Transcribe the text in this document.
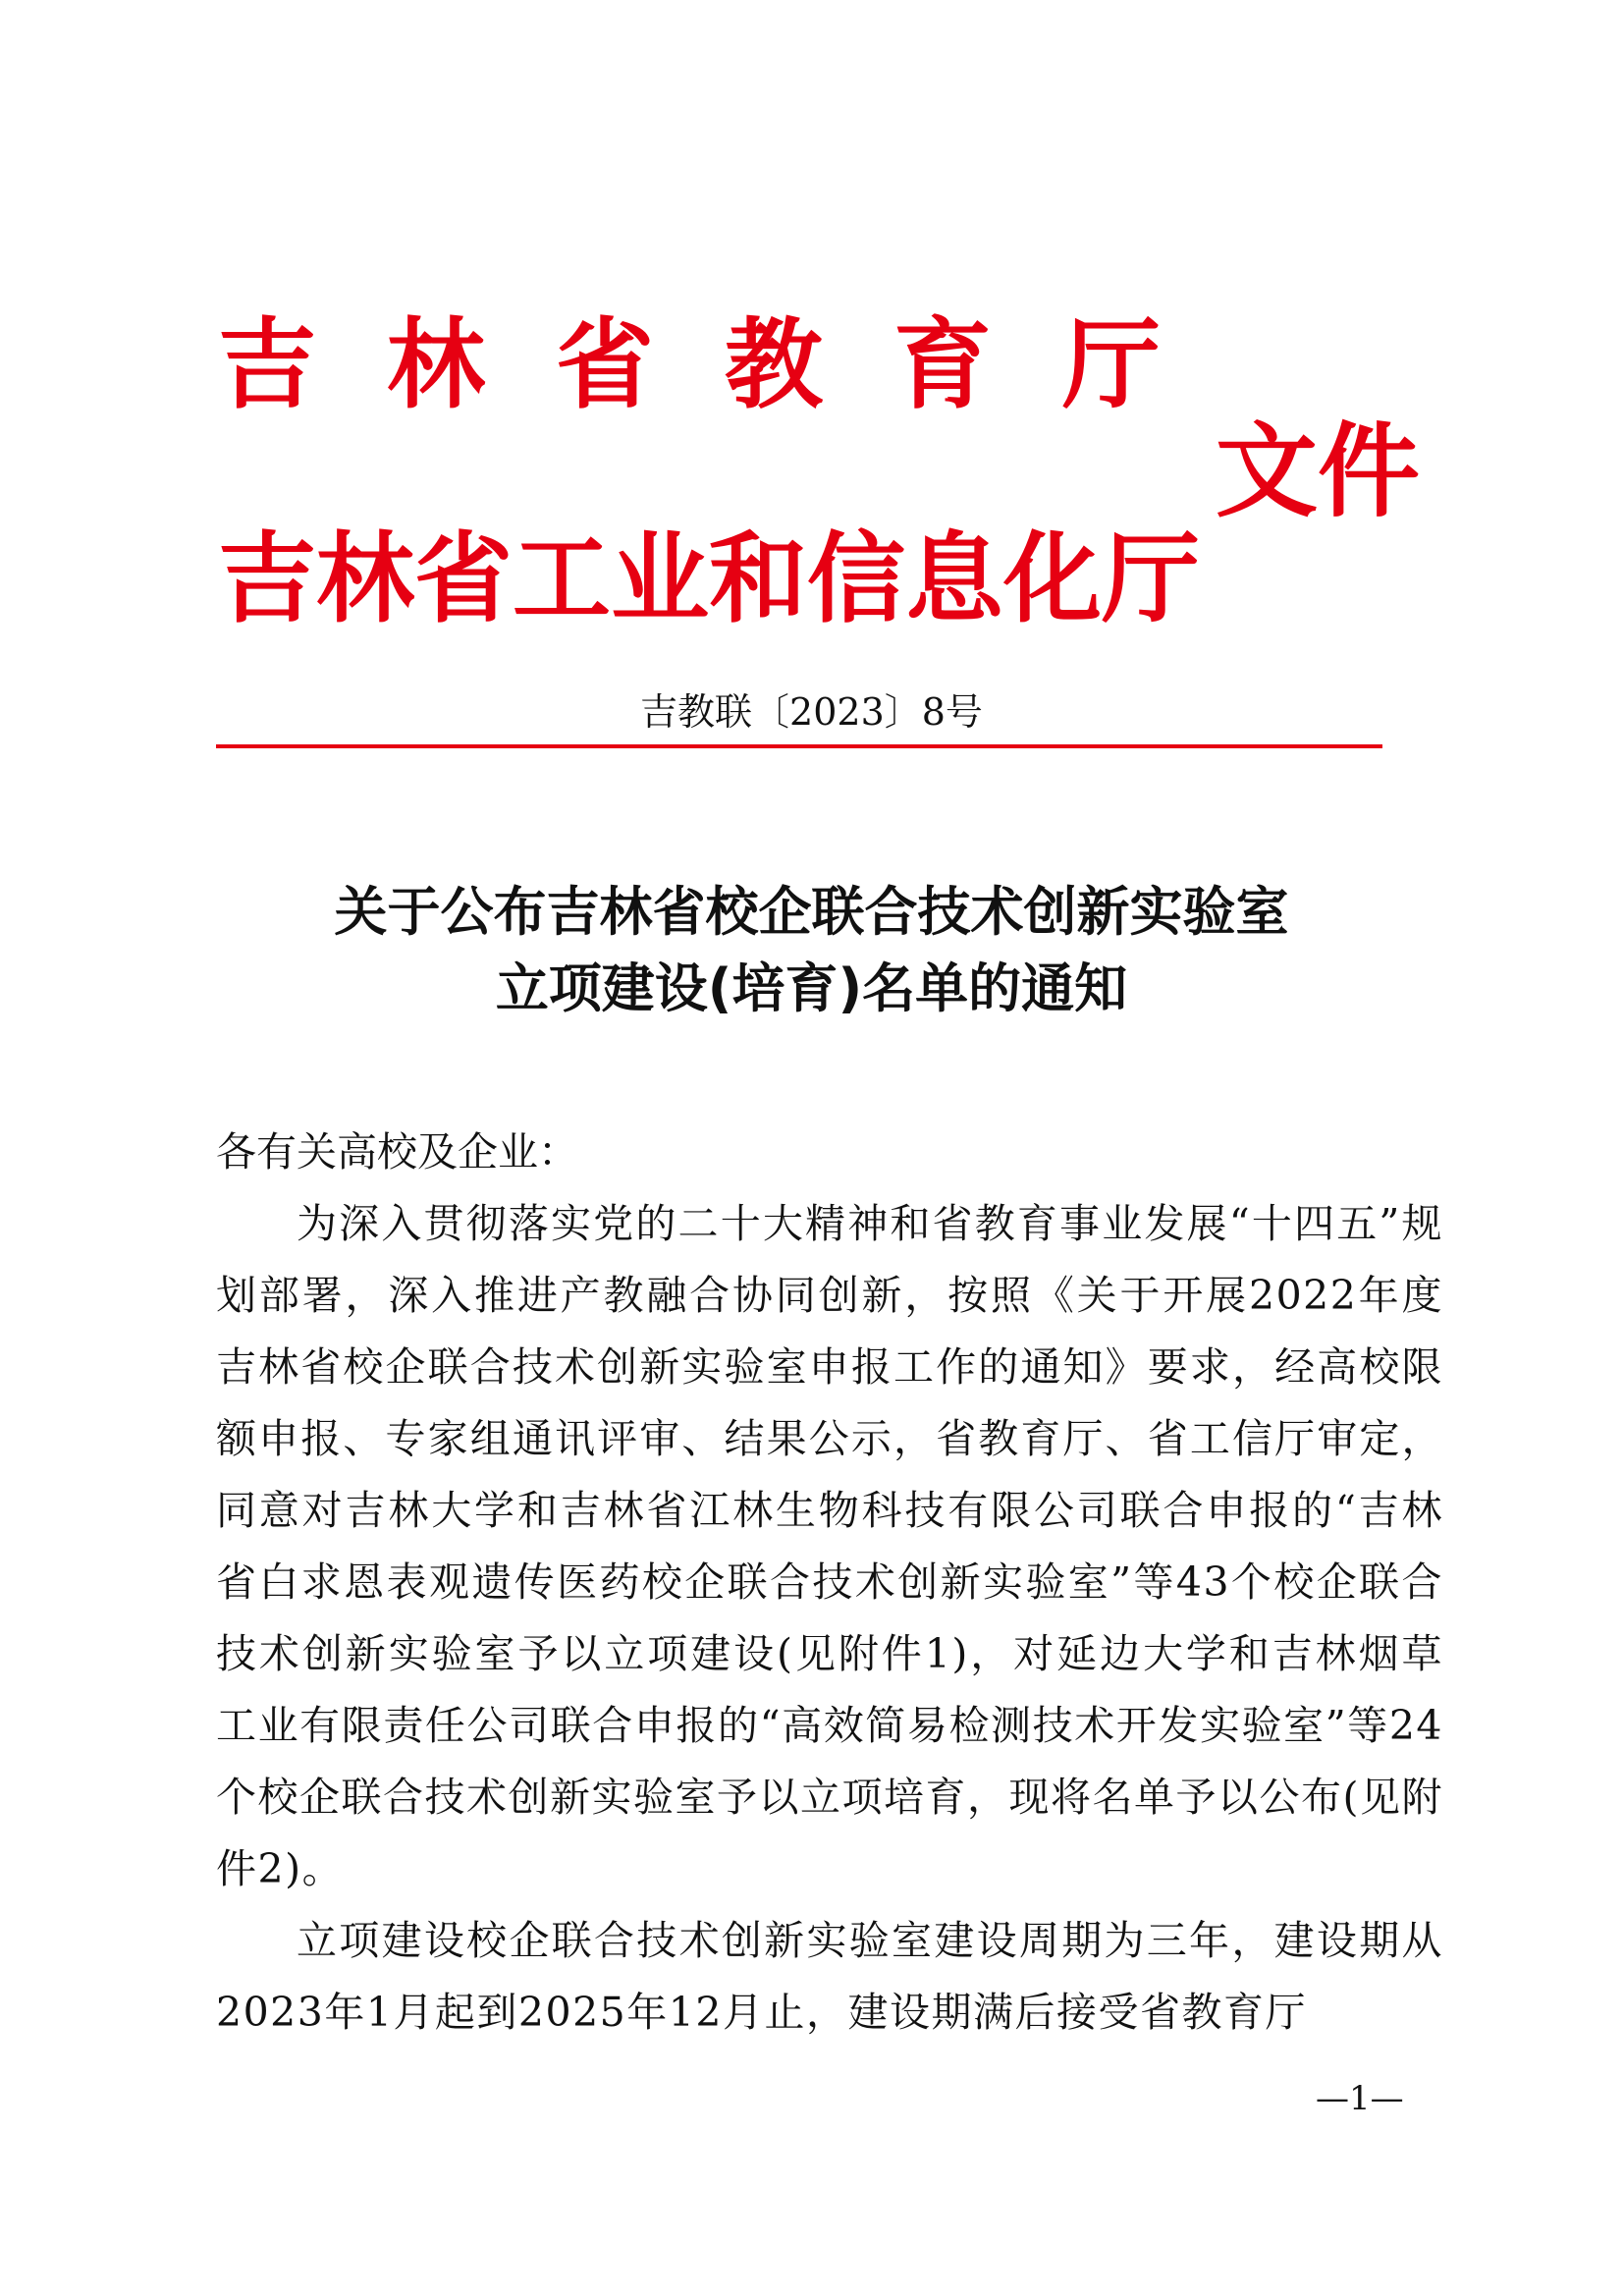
吉林省教育厅
文件
吉林省工业和信息化厅
吉教联〔2023〕8号
关于公布吉林省校企联合技术创新实验室
立项建设(培育)名单的通知

各有关高校及企业：

为深入贯彻落实党的二十大精神和省教育事业发展“十四五”规划部署，深入推进产教融合协同创新，按照《关于开展2022年度吉林省校企联合技术创新实验室申报工作的通知》要求，经高校限额申报、专家组通讯评审、结果公示，省教育厅、省工信厅审定，同意对吉林大学和吉林省江林生物科技有限公司联合申报的“吉林省白求恩表观遗传医药校企联合技术创新实验室”等43个校企联合技术创新实验室予以立项建设(见附件1)，对延边大学和吉林烟草工业有限责任公司联合申报的“高效简易检测技术开发实验室”等24个校企联合技术创新实验室予以立项培育，现将名单予以公布(见附件2)。

立项建设校企联合技术创新实验室建设周期为三年，建设期从2023年1月起到2025年12月止，建设期满后接受省教育厅

—1—
